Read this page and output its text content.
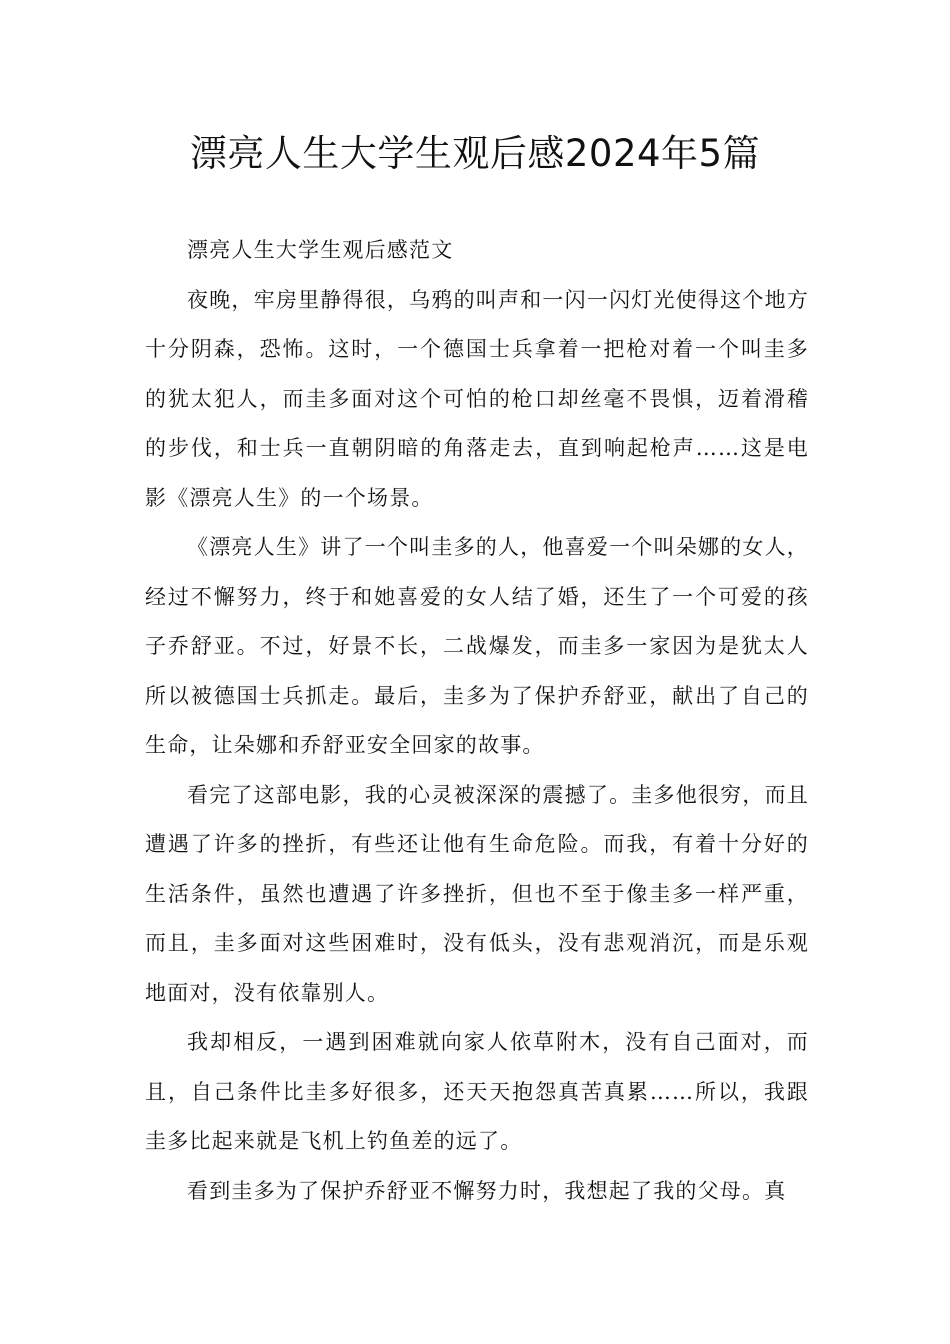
漂亮人生大学生观后感2024年5篇

漂亮人生大学生观后感范文

夜晚，牢房里静得很，乌鸦的叫声和一闪一闪灯光使得这个地方十分阴森，恐怖。这时，一个德国士兵拿着一把枪对着一个叫圭多的犹太犯人，而圭多面对这个可怕的枪口却丝毫不畏惧，迈着滑稽的步伐，和士兵一直朝阴暗的角落走去，直到响起枪声……这是电影《漂亮人生》的一个场景。

《漂亮人生》讲了一个叫圭多的人，他喜爱一个叫朵娜的女人，经过不懈努力，终于和她喜爱的女人结了婚，还生了一个可爱的孩子乔舒亚。不过，好景不长，二战爆发，而圭多一家因为是犹太人所以被德国士兵抓走。最后，圭多为了保护乔舒亚，献出了自己的生命，让朵娜和乔舒亚安全回家的故事。

看完了这部电影，我的心灵被深深的震撼了。圭多他很穷，而且遭遇了许多的挫折，有些还让他有生命危险。而我，有着十分好的生活条件，虽然也遭遇了许多挫折，但也不至于像圭多一样严重，而且，圭多面对这些困难时，没有低头，没有悲观消沉，而是乐观地面对，没有依靠别人。

我却相反，一遇到困难就向家人依草附木，没有自己面对，而且，自己条件比圭多好很多，还天天抱怨真苦真累……所以，我跟圭多比起来就是飞机上钓鱼差的远了。

看到圭多为了保护乔舒亚不懈努力时，我想起了我的父母。真
